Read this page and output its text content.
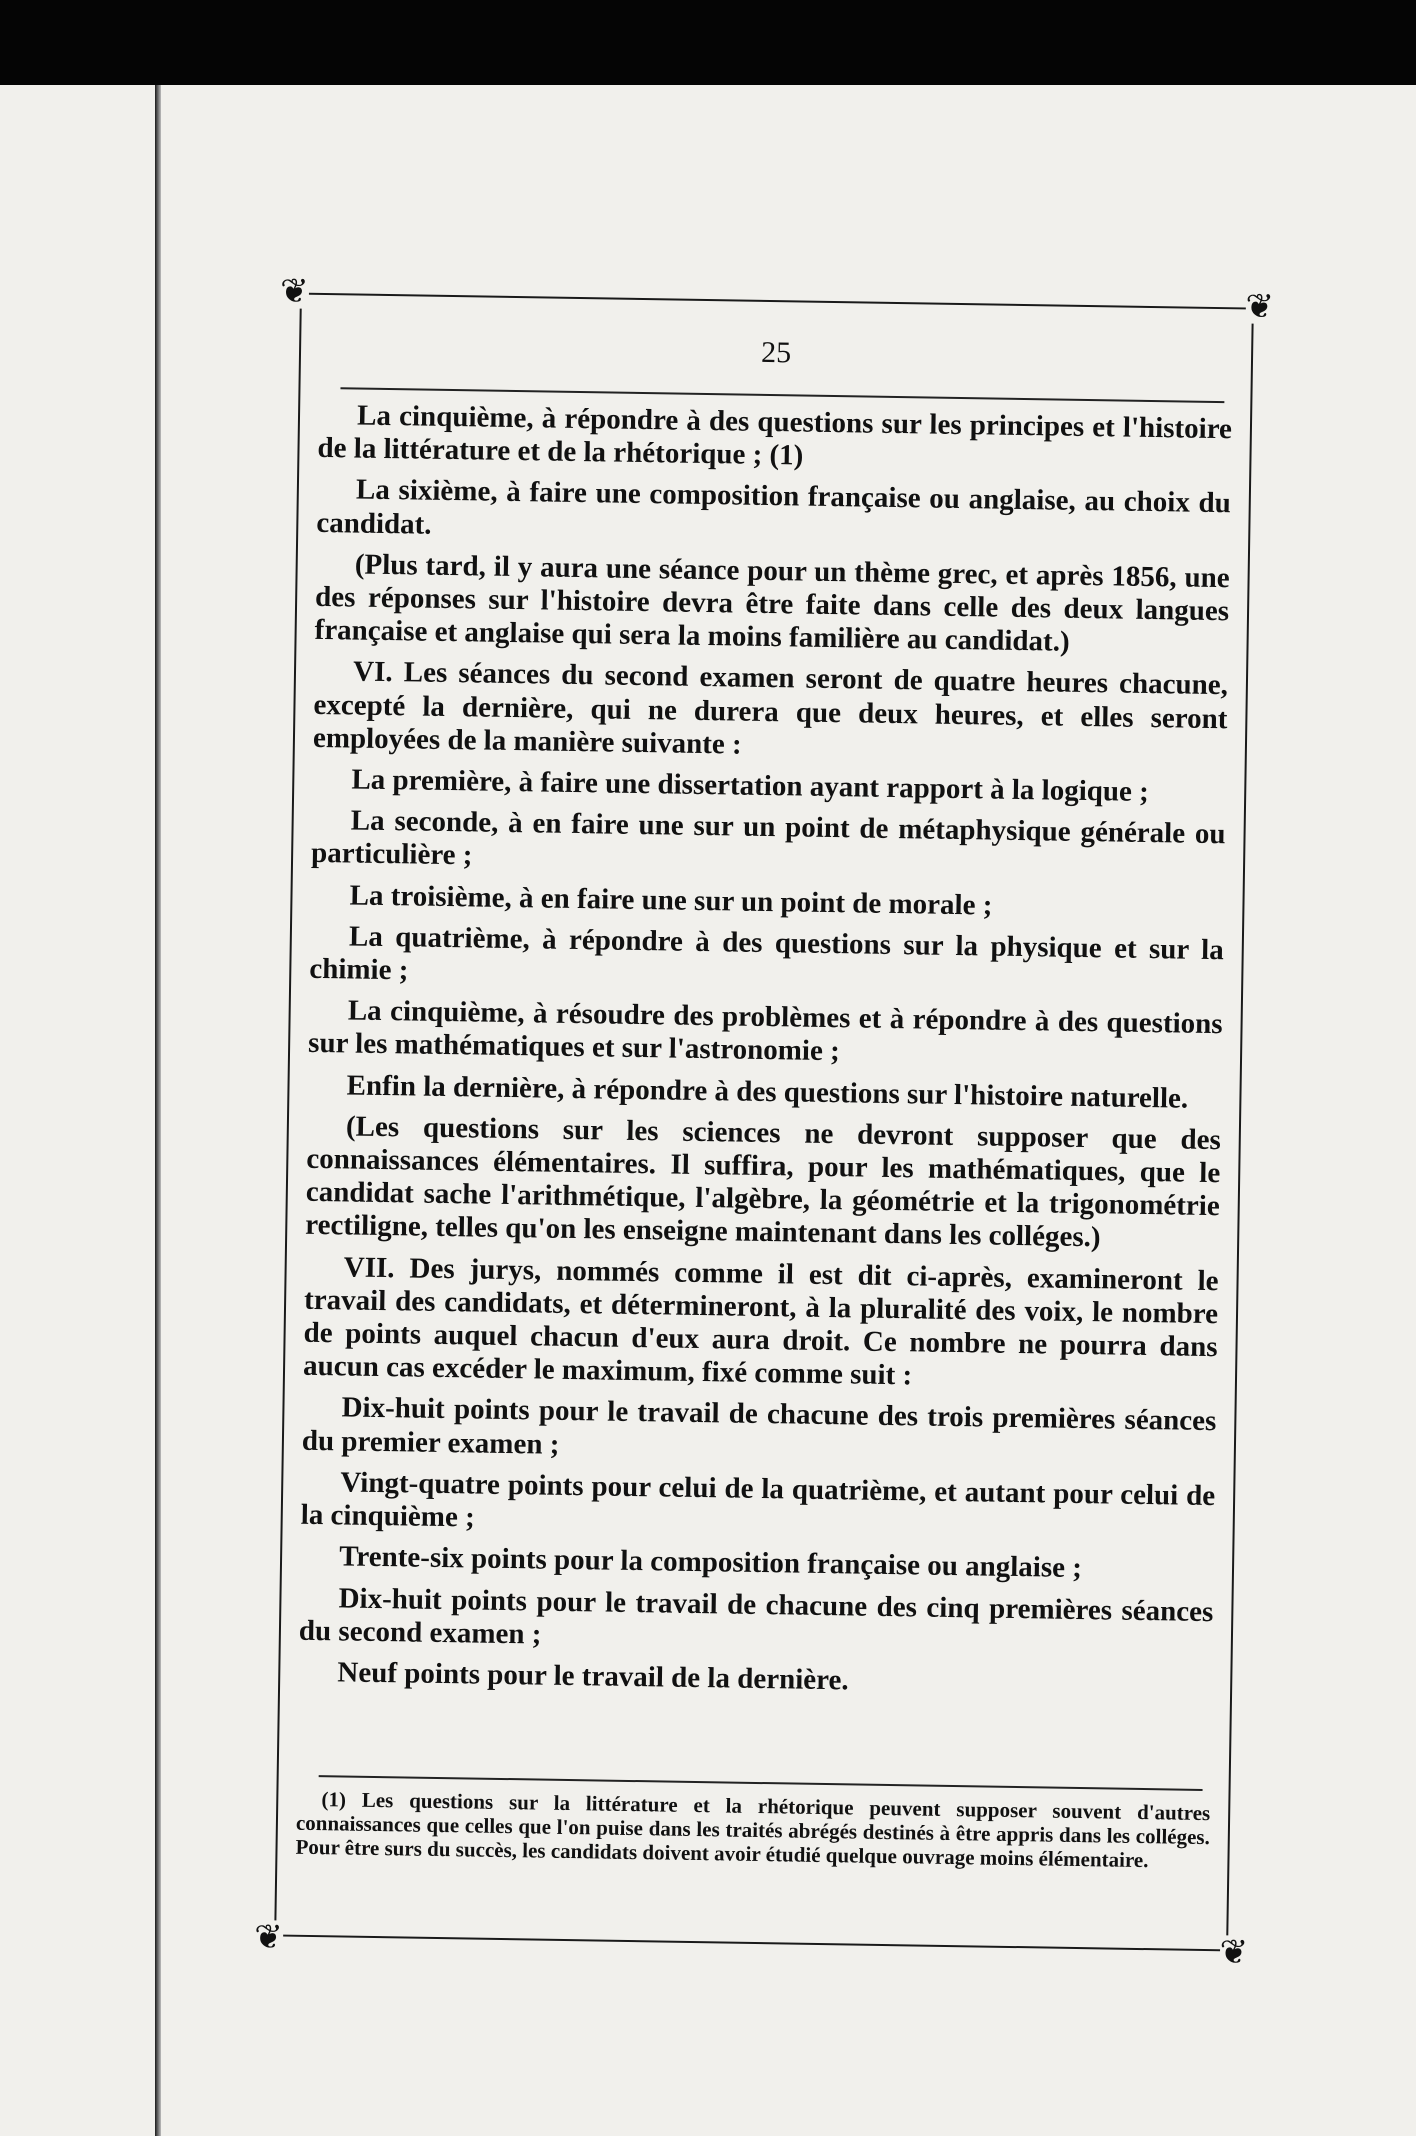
❦	❦
❦	❦
25

La cinquième, à répondre à des questions sur les principes et l'histoire de la littérature et de la rhétorique ; (1)

La sixième, à faire une composition française ou anglaise, au choix du candidat.

(Plus tard, il y aura une séance pour un thème grec, et après 1856, une des réponses sur l'histoire devra être faite dans celle des deux langues française et anglaise qui sera la moins familière au candidat.)

VI. Les séances du second examen seront de quatre heures chacune, excepté la dernière, qui ne durera que deux heures, et elles seront employées de la manière suivante :

La première, à faire une dissertation ayant rapport à la logique ;

La seconde, à en faire une sur un point de métaphysique générale ou particulière ;

La troisième, à en faire une sur un point de morale ;

La quatrième, à répondre à des questions sur la physique et sur la chimie ;

La cinquième, à résoudre des problèmes et à répondre à des questions sur les mathématiques et sur l'astronomie ;

Enfin la dernière, à répondre à des questions sur l'histoire naturelle.

(Les questions sur les sciences ne devront supposer que des connaissances élémentaires. Il suffira, pour les mathématiques, que le candidat sache l'arithmétique, l'algèbre, la géométrie et la trigonométrie rectiligne, telles qu'on les enseigne maintenant dans les colléges.)

VII. Des jurys, nommés comme il est dit ci-après, examineront le travail des candidats, et détermineront, à la pluralité des voix, le nombre de points auquel chacun d'eux aura droit. Ce nombre ne pourra dans aucun cas excéder le maximum, fixé comme suit :

Dix-huit points pour le travail de chacune des trois premières séances du premier examen ;

Vingt-quatre points pour celui de la quatrième, et autant pour celui de la cinquième ;

Trente-six points pour la composition française ou anglaise ;

Dix-huit points pour le travail de chacune des cinq premières séances du second examen ;

Neuf points pour le travail de la dernière.

(1) Les questions sur la littérature et la rhétorique peuvent supposer souvent d'autres connaissances que celles que l'on puise dans les traités abrégés destinés à être appris dans les colléges. Pour être surs du succès, les candidats doivent avoir étudié quelque ouvrage moins élémentaire.
